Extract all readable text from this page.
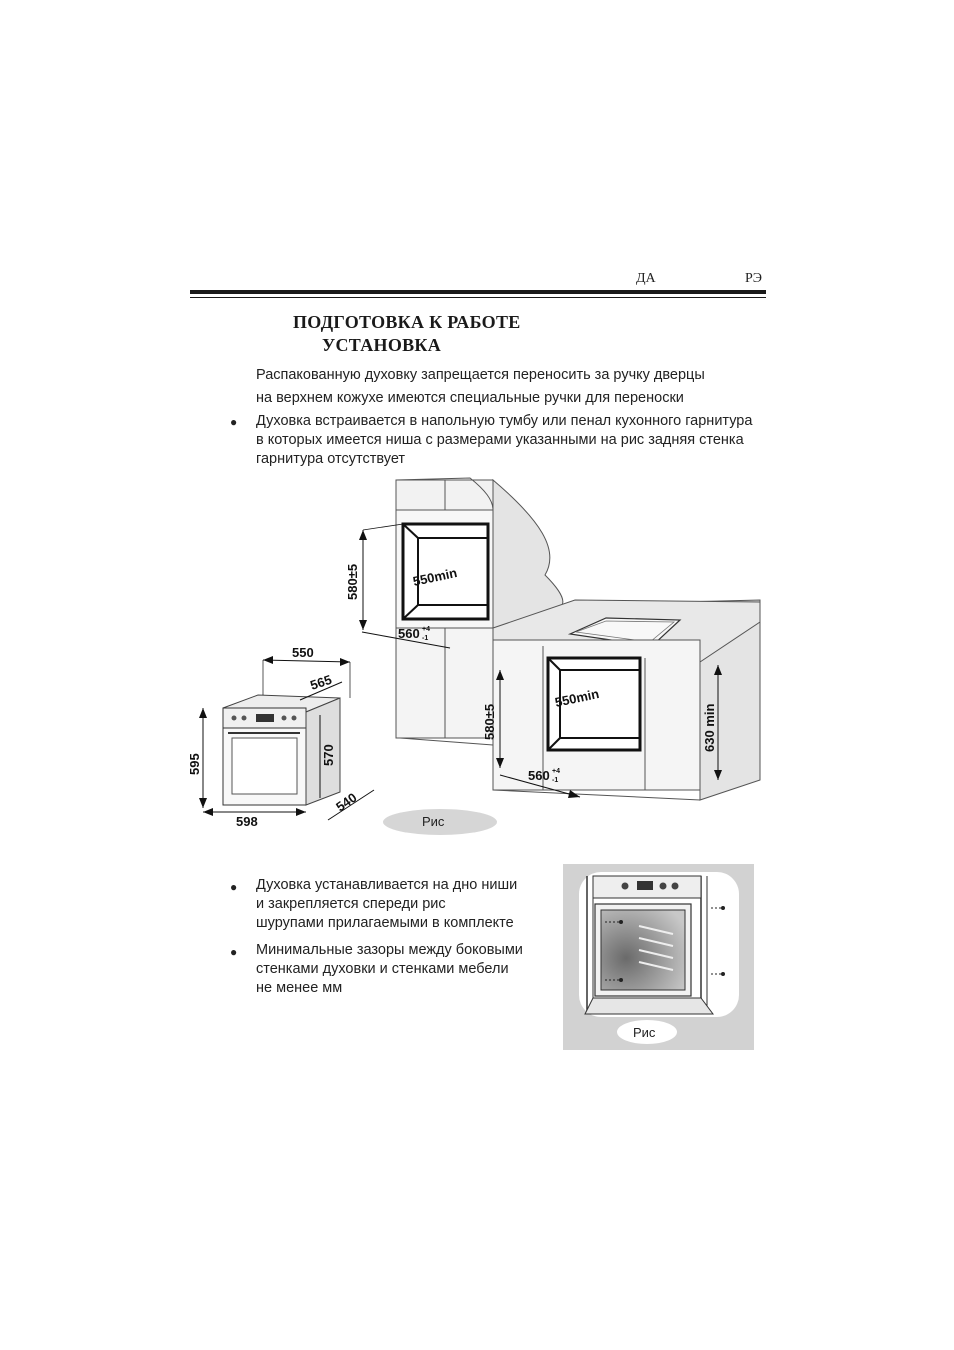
ДА	РЭ
ПОДГОТОВКА К РАБОТЕ
УСТАНОВКА
Распакованную духовку запрещается переносить за ручку дверцы
на верхнем кожухе имеются специальные ручки для переноски
● Духовка встраивается в напольную тумбу или пенал кухонного гарнитура
в которых имеется ниша с размерами указанными на рис задняя стенка
гарнитура отсутствует
580±5	550min
560 +4
-1
580±5
550min
560 +4
-1
630 min
550
565
595	570
598
540
Рис
● Духовка устанавливается на дно ниши
и закрепляется спереди рис
шурупами прилагаемыми в комплекте
● Минимальные зазоры между боковыми
стенками духовки и стенками мебели
не менее мм
Рис
